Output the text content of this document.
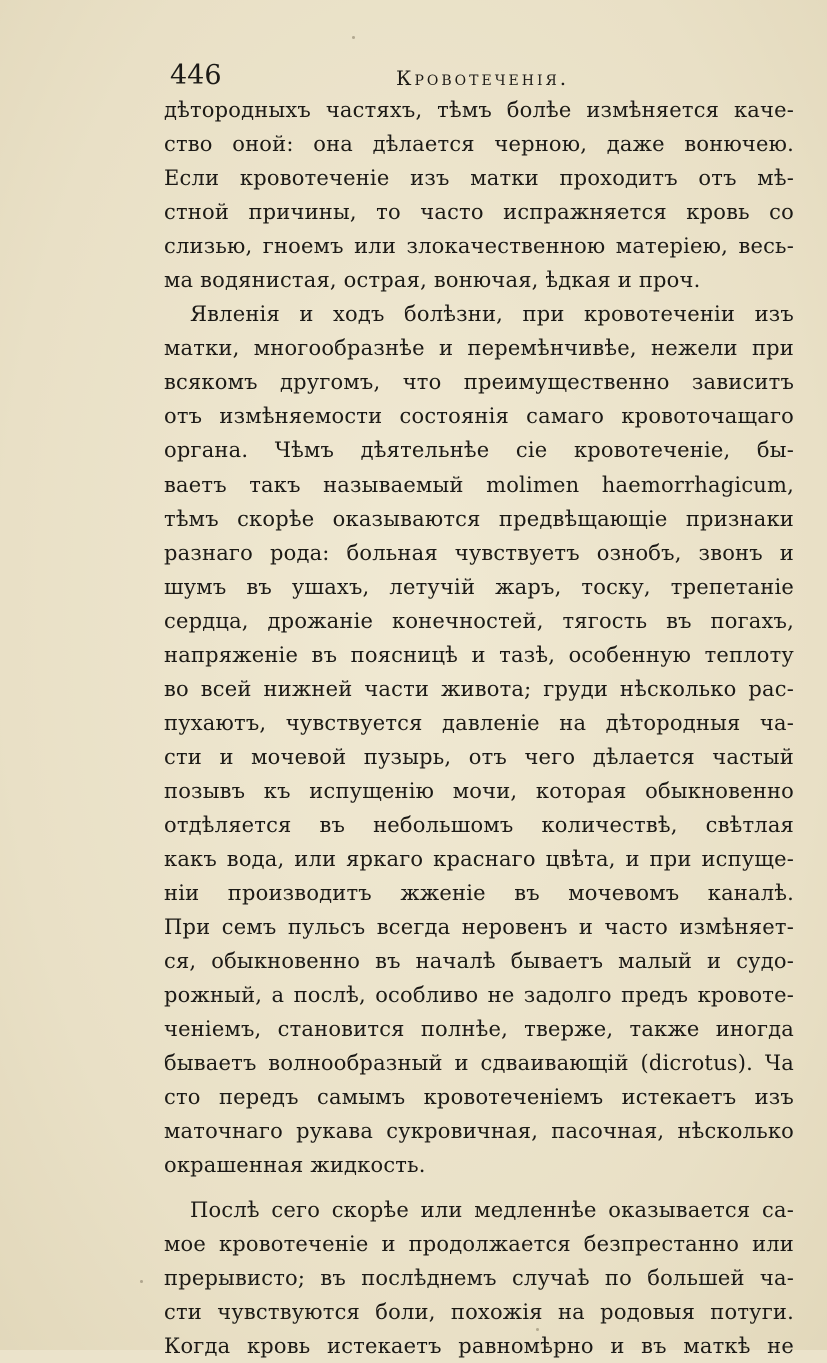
446	Кровотеченія.
дѣтородныхъ частяхъ, тѣмъ болѣе измѣняется каче-
ство оной: она дѣлается черною, даже вонючею.
Если кровотеченіе изъ матки проходитъ отъ мѣ-
стной причины, то часто испражняется кровь со
слизью, гноемъ или злокачественною матеріею, весь-
ма водянистая, острая, вонючая, ѣдкая и проч.
Явленія и ходъ болѣзни, при кровотеченіи изъ
матки, многообразнѣе и перемѣнчивѣе, нежели при
всякомъ другомъ, что преимущественно зависитъ
отъ измѣняемости состоянія самаго кровоточащаго
органа. Чѣмъ дѣятельнѣе сіе кровотеченіе, бы-
ваетъ такъ называемый molimen haemorrhagicum,
тѣмъ скорѣе оказываются предвѣщающіе признаки
разнаго рода: больная чувствуетъ ознобъ, звонъ и
шумъ въ ушахъ, летучій жаръ, тоску, трепетаніе
сердца, дрожаніе конечностей, тягость въ погахъ,
напряженіе въ поясницѣ и тазѣ, особенную теплоту
во всей нижней части живота; груди нѣсколько рас-
пухаютъ, чувствуется давленіе на дѣтородныя ча-
сти и мочевой пузырь, отъ чего дѣлается частый
позывъ къ испущенію мочи, которая обыкновенно
отдѣляется въ небольшомъ количествѣ, свѣтлая
какъ вода, или яркаго краснаго цвѣта, и при испуще-
ніи производитъ жженіе въ мочевомъ каналѣ.
При семъ пульсъ всегда неровенъ и часто измѣняет-
ся, обыкновенно въ началѣ бываетъ малый и судо-
рожный, а послѣ, особливо не задолго предъ кровоте-
ченіемъ, становится полнѣе, тверже, также иногда
бываетъ волнообразный и сдваивающій (dicrotus). Ча
сто передъ самымъ кровотеченіемъ истекаетъ изъ
маточнаго рукава сукровичная, пасочная, нѣсколько
окрашенная жидкость.
Послѣ сего скорѣе или медленнѣе оказывается са-
мое кровотеченіе и продолжается безпрестанно или
прерывисто; въ послѣднемъ случаѣ по большей ча-
сти чувствуются боли, похожія на родовыя потуги.
Когда кровь истекаетъ равномѣрно и въ маткѣ не
